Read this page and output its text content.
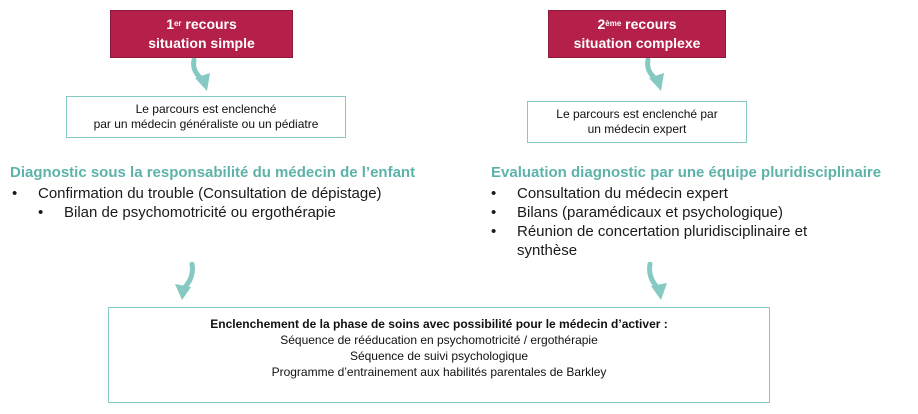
1er recours
situation simple
2ème recours
situation complexe
Le parcours est enclenché
par un médecin généraliste ou un pédiatre
Le parcours est enclenché par
un médecin expert
Diagnostic sous la responsabilité du médecin de l’enfant
• Confirmation du trouble (Consultation de dépistage)
• Bilan de psychomotricité ou ergothérapie
Evaluation diagnostic par une équipe pluridisciplinaire
• Consultation du médecin expert
• Bilans (paramédicaux et psychologique)
• Réunion de concertation pluridisciplinaire et synthèse
Enclenchement de la phase de soins avec possibilité pour le médecin d’activer :
Séquence de rééducation en psychomotricité / ergothérapie
Séquence de suivi psychologique
Programme d’entrainement aux habilités parentales de Barkley
